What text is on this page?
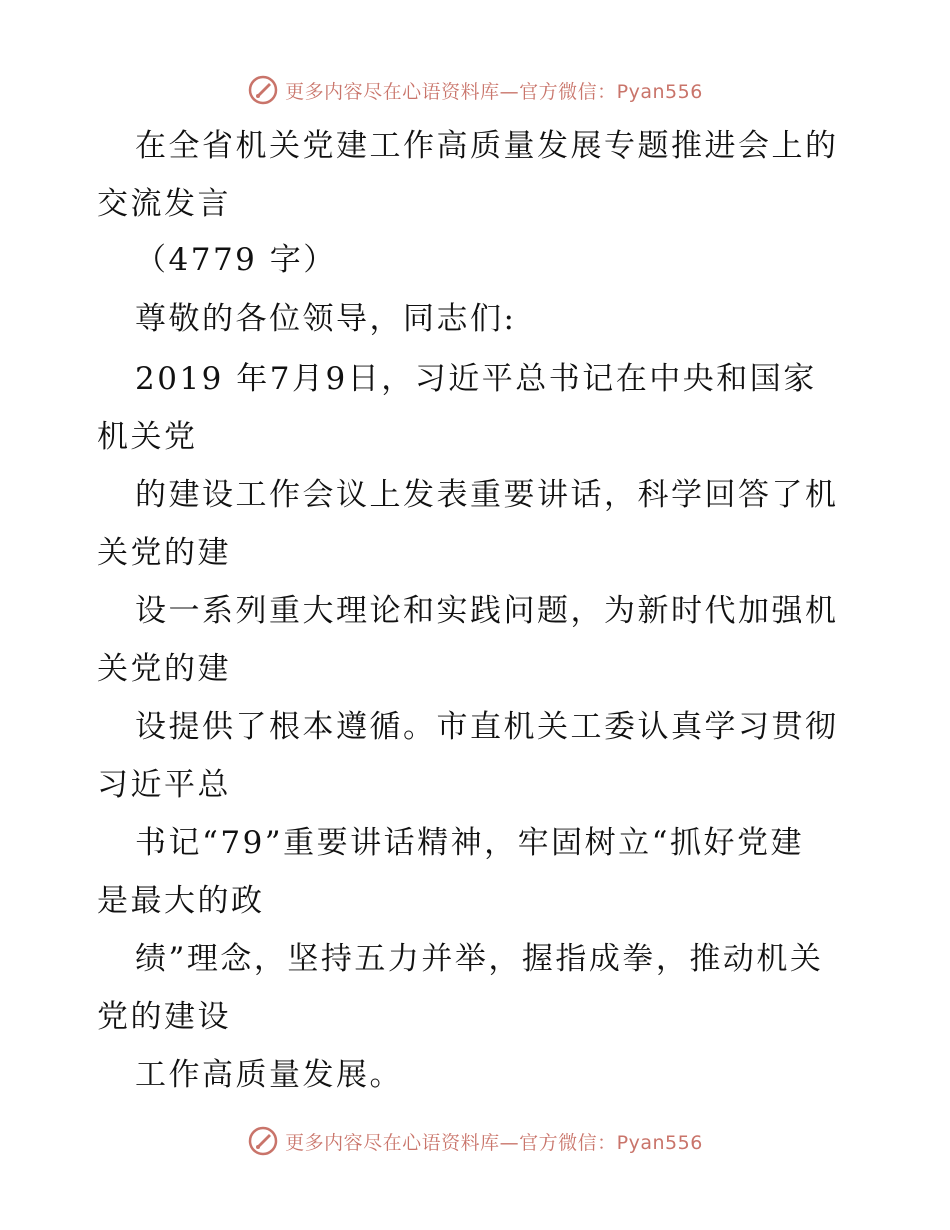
更多内容尽在心语资料库—官方微信：Pyan556
在全省机关党建工作高质量发展专题推进会上的
交流发言
（4779 字）
尊敬的各位领导，同志们:
2019 年7月9日，习近平总书记在中央和国家
机关党
的建设工作会议上发表重要讲话，科学回答了机
关党的建
设一系列重大理论和实践问题，为新时代加强机
关党的建
设提供了根本遵循。市直机关工委认真学习贯彻
习近平总
书记“79”重要讲话精神，牢固树立“抓好党建
是最大的政
绩”理念，坚持五力并举，握指成拳，推动机关
党的建设
工作高质量发展。
更多内容尽在心语资料库—官方微信：Pyan556
